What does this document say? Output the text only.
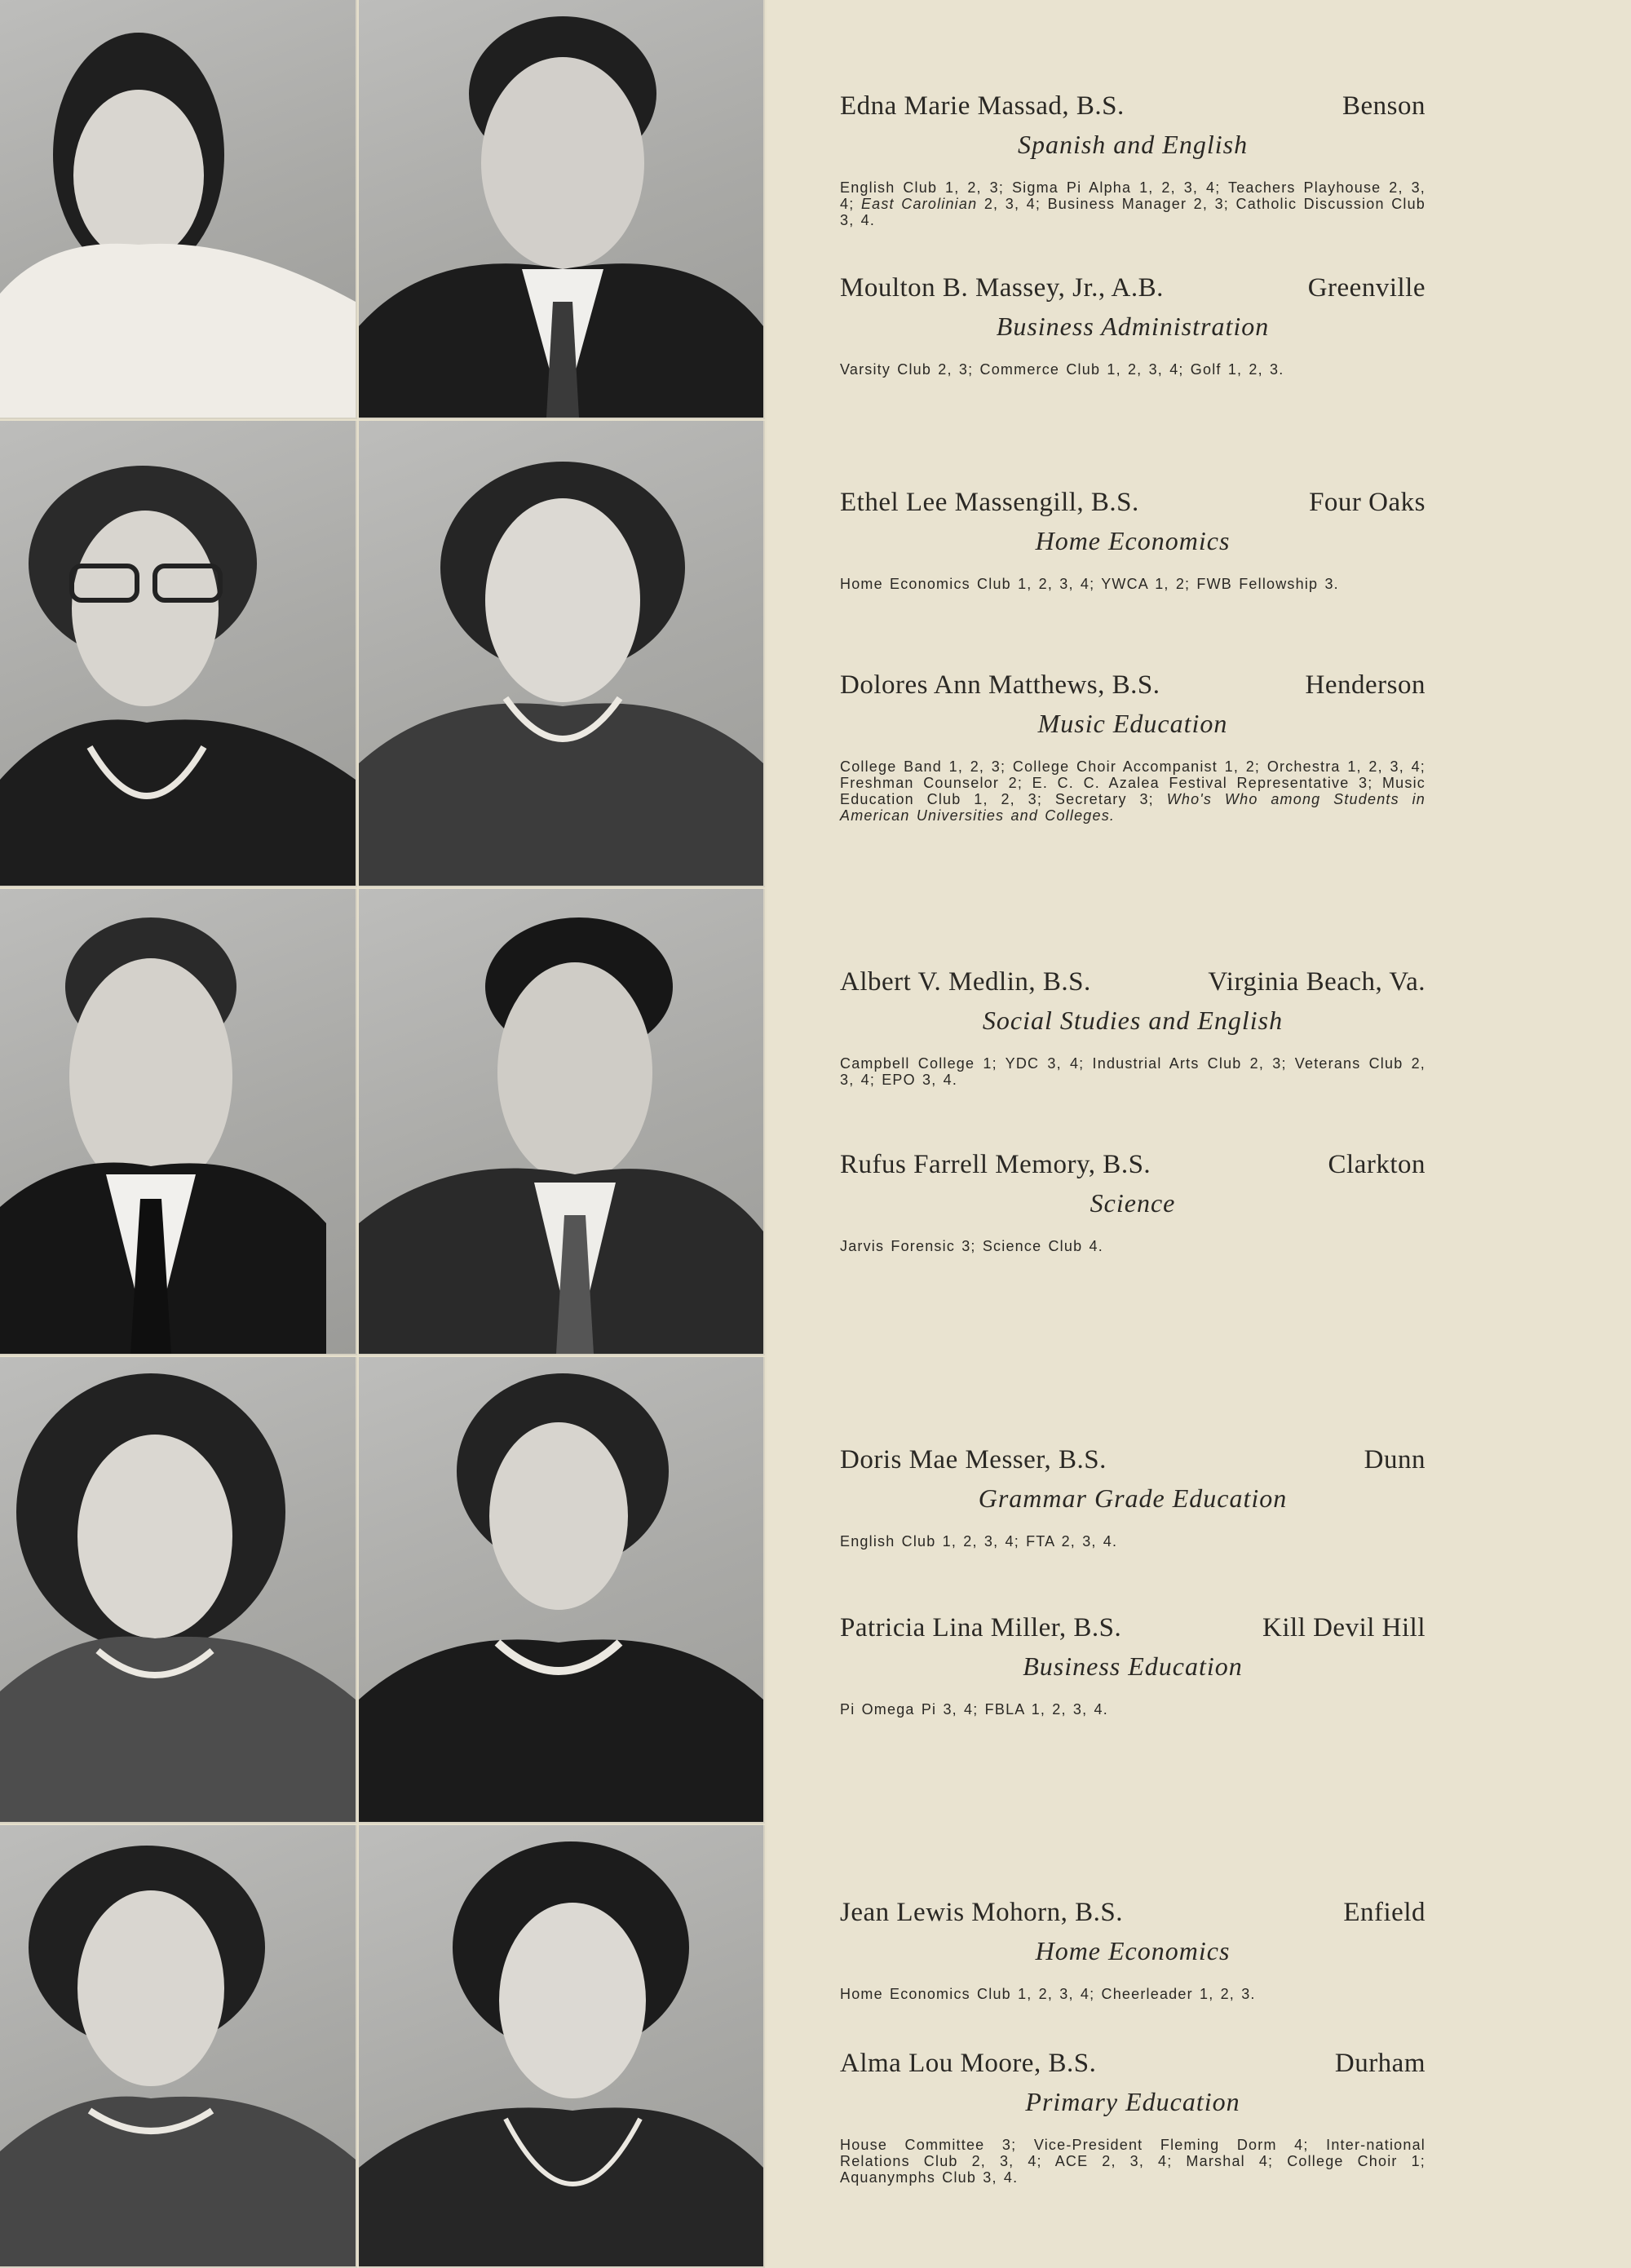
Edna Marie Massad, B.S.	Benson
Spanish and English
English Club 1, 2, 3; Sigma Pi Alpha 1, 2, 3, 4; Teachers Playhouse 2, 3, 4; East Carolinian 2, 3, 4; Business Manager 2, 3; Catholic Discussion Club 3, 4.
Moulton B. Massey, Jr., A.B.	Greenville
Business Administration
Varsity Club 2, 3; Commerce Club 1, 2, 3, 4; Golf 1, 2, 3.
Ethel Lee Massengill, B.S.	Four Oaks
Home Economics
Home Economics Club 1, 2, 3, 4; YWCA 1, 2; FWB Fellowship 3.
Dolores Ann Matthews, B.S.	Henderson
Music Education
College Band 1, 2, 3; College Choir Accompanist 1, 2; Orchestra 1, 2, 3, 4; Freshman Counselor 2; E. C. C. Azalea Festival Representative 3; Music Education Club 1, 2, 3; Secretary 3; Who's Who among Students in American Universities and Colleges.
Albert V. Medlin, B.S.	Virginia Beach, Va.
Social Studies and English
Campbell College 1; YDC 3, 4; Industrial Arts Club 2, 3; Veterans Club 2, 3, 4; EPO 3, 4.
Rufus Farrell Memory, B.S.	Clarkton
Science
Jarvis Forensic 3; Science Club 4.
Doris Mae Messer, B.S.	Dunn
Grammar Grade Education
English Club 1, 2, 3, 4; FTA 2, 3, 4.
Patricia Lina Miller, B.S.	Kill Devil Hill
Business Education
Pi Omega Pi 3, 4; FBLA 1, 2, 3, 4.
Jean Lewis Mohorn, B.S.	Enfield
Home Economics
Home Economics Club 1, 2, 3, 4; Cheerleader 1, 2, 3.
Alma Lou Moore, B.S.	Durham
Primary Education
House Committee 3; Vice-President Fleming Dorm 4; Inter-national Relations Club 2, 3, 4; ACE 2, 3, 4; Marshal 4; College Choir 1; Aquanymphs Club 3, 4.
